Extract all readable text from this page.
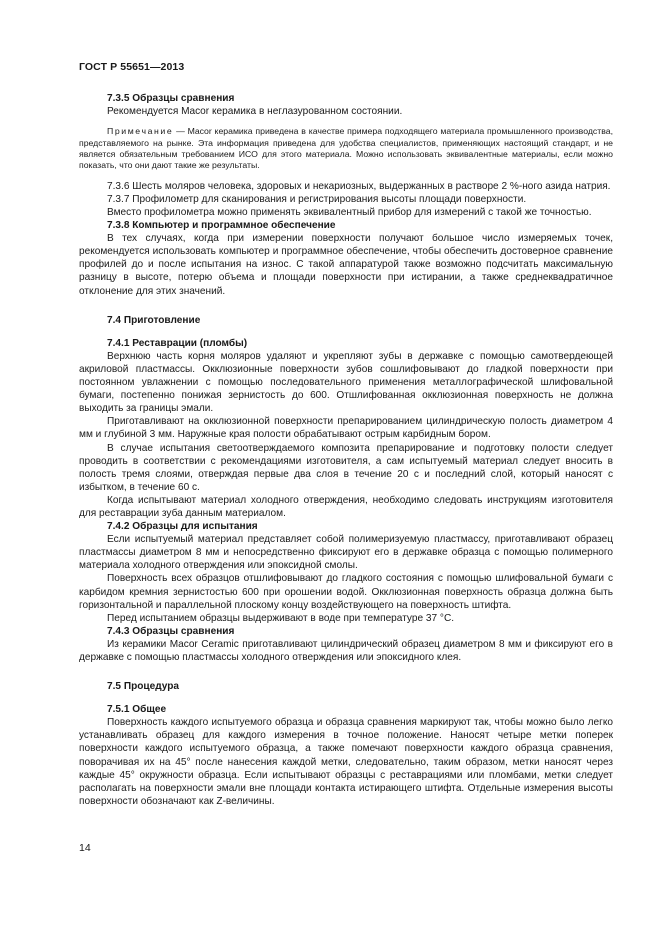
ГОСТ Р 55651—2013

7.3.5 Образцы сравнения

Рекомендуется Macor керамика в неглазурованном состоянии.

Примечание — Macor керамика приведена в качестве примера подходящего материала промышленного производства, представляемого на рынке. Эта информация приведена для удобства специалистов, применяющих настоящий стандарт, и не является обязательным требованием ИСО для этого материала. Можно использовать эквивалентные материалы, если можно показать, что они дают такие же результаты.

7.3.6 Шесть моляров человека, здоровых и некариозных, выдержанных в растворе 2 %-ного азида натрия.

7.3.7 Профилометр для сканирования и регистрирования высоты площади поверхности.

Вместо профилометра можно применять эквивалентный прибор для измерений с такой же точностью.

7.3.8 Компьютер и программное обеспечение

В тех случаях, когда при измерении поверхности получают большое число измеряемых точек, рекомендуется использовать компьютер и программное обеспечение, чтобы обеспечить достоверное сравнение профилей до и после испытания на износ. С такой аппаратурой также возможно подсчитать максимальную разницу в высоте, потерю объема и площади поверхности при истирании, а также среднеквадратичное отклонение для этих значений.

7.4 Приготовление

7.4.1 Реставрации (пломбы)

Верхнюю часть корня моляров удаляют и укрепляют зубы в державке с помощью самотвердеющей акриловой пластмассы. Окклюзионные поверхности зубов сошлифовывают до гладкой поверхности при постоянном увлажнении с помощью последовательного применения металлографической шлифовальной бумаги, постепенно понижая зернистость до 600. Отшлифованная окклюзионная поверхность не должна выходить за границы эмали.

Приготавливают на окклюзионной поверхности препарированием цилиндрическую полость диаметром 4 мм и глубиной 3 мм. Наружные края полости обрабатывают острым карбидным бором.

В случае испытания светоотверждаемого композита препарирование и подготовку полости следует проводить в соответствии с рекомендациями изготовителя, а сам испытуемый материал следует вносить в полость тремя слоями, отверждая первые два слоя в течение 20 с и последний слой, который наносят с избытком, в течение 60 с.

Когда испытывают материал холодного отверждения, необходимо следовать инструкциям изготовителя для реставрации зуба данным материалом.

7.4.2 Образцы для испытания

Если испытуемый материал представляет собой полимеризуемую пластмассу, приготавливают образец пластмассы диаметром 8 мм и непосредственно фиксируют его в державке образца с помощью полимерного материала холодного отверждения или эпоксидной смолы.

Поверхность всех образцов отшлифовывают до гладкого состояния с помощью шлифовальной бумаги с карбидом кремния зернистостью 600 при орошении водой. Окклюзионная поверхность образца должна быть горизонтальной и параллельной плоскому концу воздействующего на поверхность штифта.

Перед испытанием образцы выдерживают в воде при температуре 37 °С.

7.4.3 Образцы сравнения

Из керамики Macor Ceramic приготавливают цилиндрический образец диаметром 8 мм и фиксируют его в державке с помощью пластмассы холодного отверждения или эпоксидного клея.

7.5 Процедура

7.5.1 Общее

Поверхность каждого испытуемого образца и образца сравнения маркируют так, чтобы можно было легко устанавливать образец для каждого измерения в точное положение. Наносят четыре метки поперек поверхности каждого испытуемого образца, а также помечают поверхности каждого образца сравнения, поворачивая их на 45° после нанесения каждой метки, следовательно, таким образом, метки наносят через каждые 45° окружности образца. Если испытывают образцы с реставрациями или пломбами, метки следует располагать на поверхности эмали вне площади контакта истирающего штифта. Отдельные измерения высоты поверхности обозначают как Z-величины.

14
